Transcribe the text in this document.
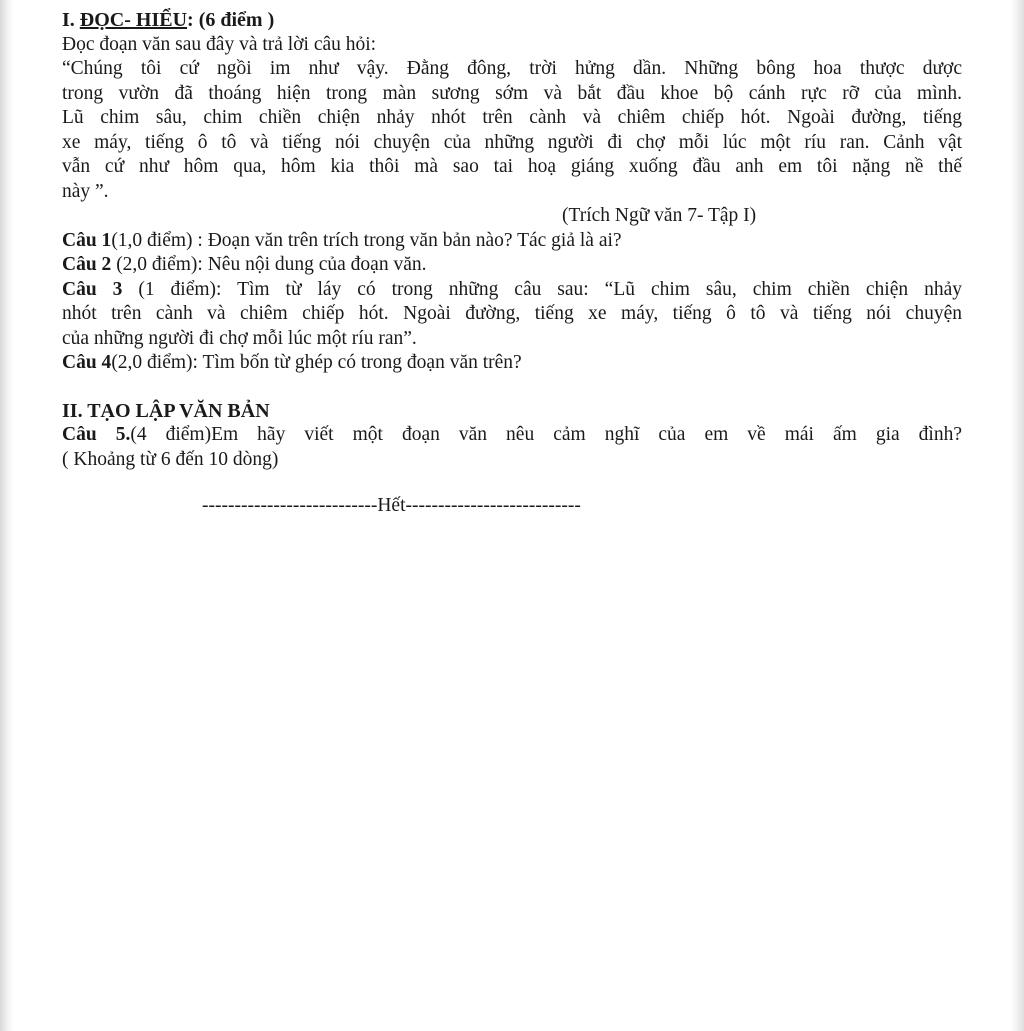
I. ĐỌC- HIỂU: (6 điểm )

Đọc đoạn văn sau đây và trả lời câu hỏi:

“Chúng tôi cứ ngồi im như vậy. Đằng đông, trời hửng dần. Những bông hoa thược dược

trong vườn đã thoáng hiện trong màn sương sớm và bắt đầu khoe bộ cánh rực rỡ của mình.

Lũ chim sâu, chim chiền chiện nhảy nhót trên cành và chiêm chiếp hót. Ngoài đường, tiếng

xe máy, tiếng ô tô và tiếng nói chuyện của những người đi chợ mỗi lúc một ríu ran. Cảnh vật

vẫn cứ như hôm qua, hôm kia thôi mà sao tai hoạ giáng xuống đầu anh em tôi nặng nề thế

này ”.

(Trích Ngữ văn 7- Tập I)

Câu 1(1,0 điểm) : Đoạn văn trên trích trong văn bản nào? Tác giả là ai?

Câu 2 (2,0 điểm): Nêu nội dung của đoạn văn.

Câu 3 (1 điểm): Tìm từ láy có trong những câu sau: “Lũ chim sâu, chim chiền chiện nhảy

nhót trên cành và chiêm chiếp hót. Ngoài đường, tiếng xe máy, tiếng ô tô và tiếng nói chuyện

của những người đi chợ mỗi lúc một ríu ran”.

Câu 4(2,0 điểm): Tìm bốn từ ghép có trong đoạn văn trên?

II. TẠO LẬP VĂN BẢN

Câu 5.(4 điểm)Em hãy viết một đoạn văn nêu cảm nghĩ của em về mái ấm gia đình?

( Khoảng từ 6 đến 10 dòng)

---------------------------Hết---------------------------
